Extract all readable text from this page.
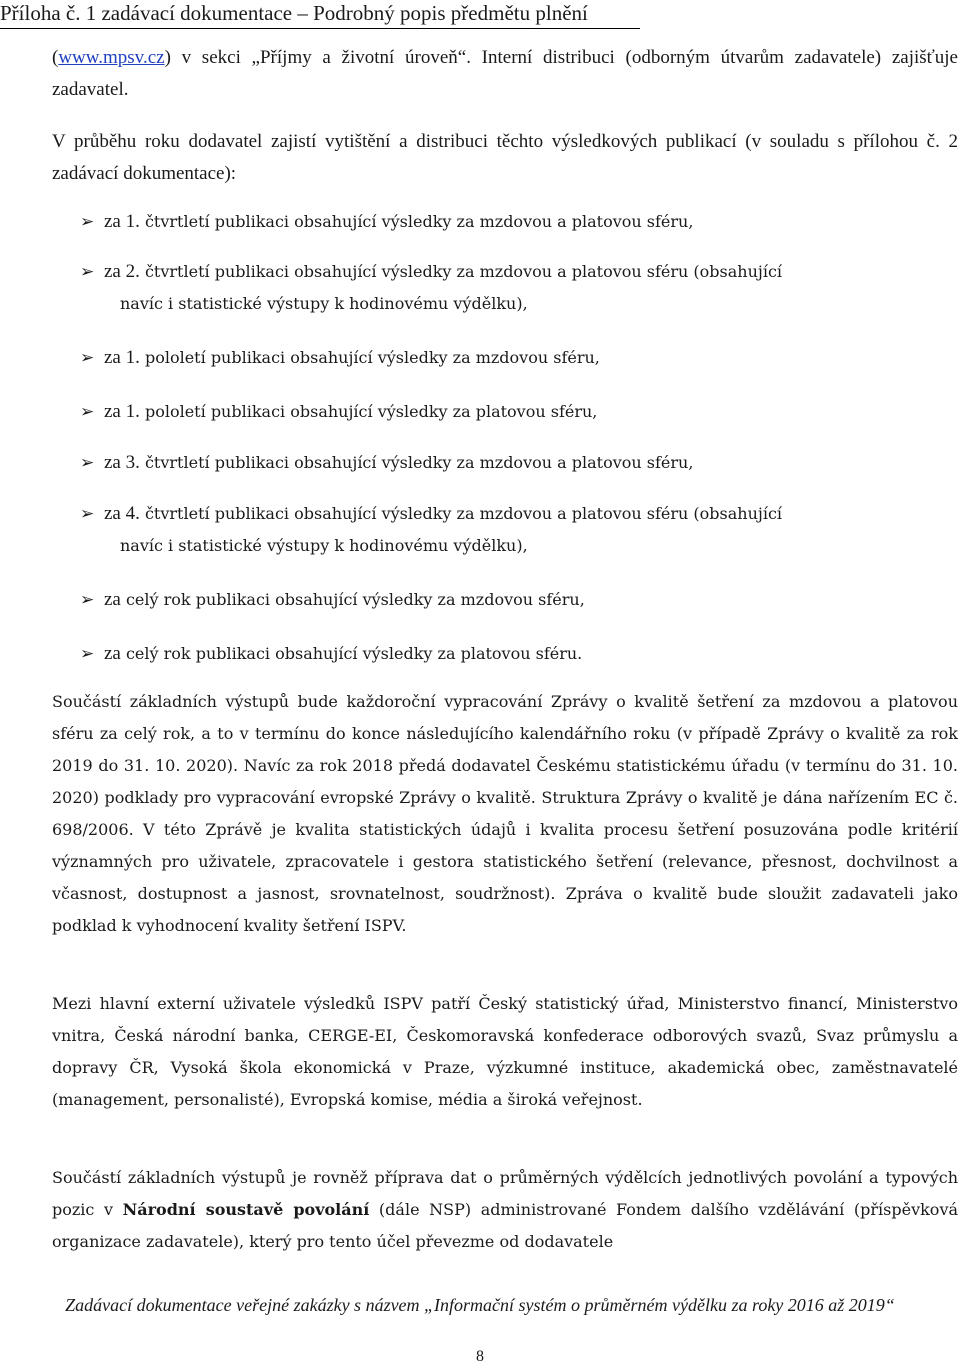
Příloha č. 1 zadávací dokumentace – Podrobný popis předmětu plnění

(www.mpsv.cz) v sekci „Příjmy a životní úroveň“. Interní distribuci (odborným útvarům zadavatele) zajišťuje zadavatel.

V průběhu roku dodavatel zajistí vytištění a distribuci těchto výsledkových publikací (v souladu s přílohou č. 2 zadávací dokumentace):

➢ za 1. čtvrtletí publikaci obsahující výsledky za mzdovou a platovou sféru,
➢ za 2. čtvrtletí publikaci obsahující výsledky za mzdovou a platovou sféru (obsahující
navíc i statistické výstupy k hodinovému výdělku),
➢ za 1. pololetí publikaci obsahující výsledky za mzdovou sféru,
➢ za 1. pololetí publikaci obsahující výsledky za platovou sféru,
➢ za 3. čtvrtletí publikaci obsahující výsledky za mzdovou a platovou sféru,
➢ za 4. čtvrtletí publikaci obsahující výsledky za mzdovou a platovou sféru (obsahující
navíc i statistické výstupy k hodinovému výdělku),
➢ za celý rok publikaci obsahující výsledky za mzdovou sféru,
➢ za celý rok publikaci obsahující výsledky za platovou sféru.

Součástí základních výstupů bude každoroční vypracování Zprávy o kvalitě šetření za mzdovou a platovou sféru za celý rok, a to v termínu do konce následujícího kalendářního roku (v případě Zprávy o kvalitě za rok 2019 do 31. 10. 2020). Navíc za rok 2018 předá dodavatel Českému statistickému úřadu (v termínu do 31. 10. 2020) podklady pro vypracování evropské Zprávy o kvalitě. Struktura Zprávy o kvalitě je dána nařízením EC č. 698/2006. V této Zprávě je kvalita statistických údajů i kvalita procesu šetření posuzována podle kritérií významných pro uživatele, zpracovatele i gestora statistického šetření (relevance, přesnost, dochvilnost a včasnost, dostupnost a jasnost, srovnatelnost, soudržnost). Zpráva o kvalitě bude sloužit zadavateli jako podklad k vyhodnocení kvality šetření ISPV.

Mezi hlavní externí uživatele výsledků ISPV patří Český statistický úřad, Ministerstvo financí, Ministerstvo vnitra, Česká národní banka, CERGE-EI, Českomoravská konfederace odborových svazů, Svaz průmyslu a dopravy ČR, Vysoká škola ekonomická v Praze, výzkumné instituce, akademická obec, zaměstnavatelé (management, personalisté), Evropská komise, média a široká veřejnost.

Součástí základních výstupů je rovněž příprava dat o průměrných výdělcích jednotlivých povolání a typových pozic v Národní soustavě povolání (dále NSP) administrované Fondem dalšího vzdělávání (příspěvková organizace zadavatele), který pro tento účel převezme od dodavatele

Zadávací dokumentace veřejné zakázky s názvem „Informační systém o průměrném výdělku za roky 2016 až 2019“
8
